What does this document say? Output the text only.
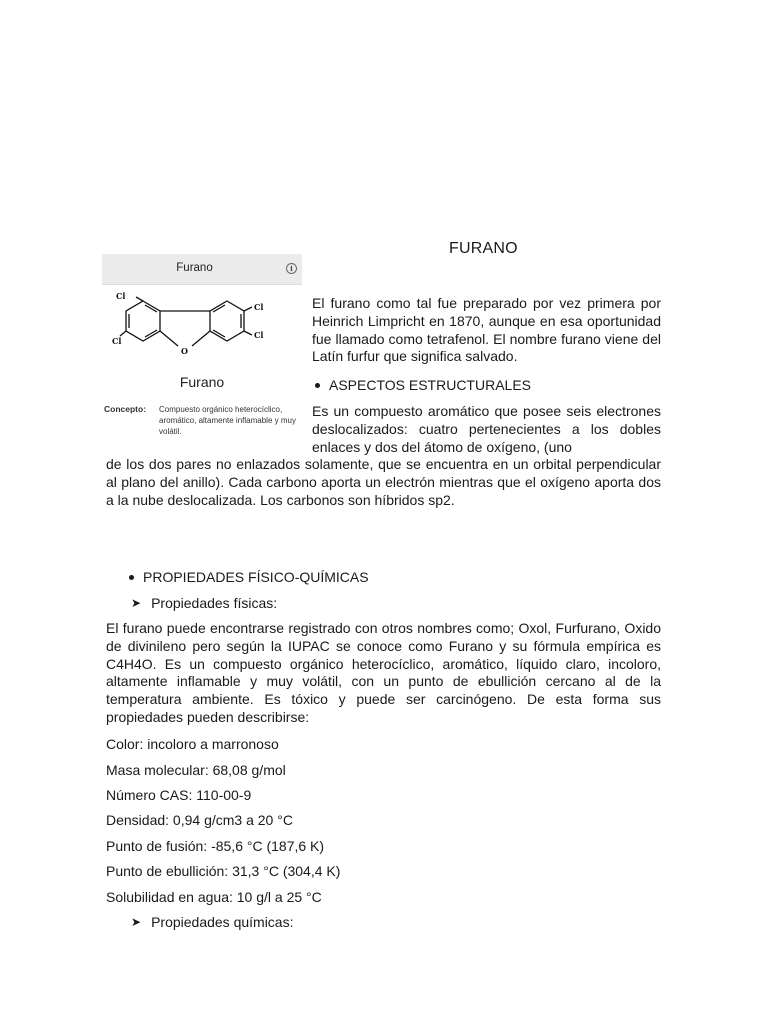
FURANO
Furano	i
Cl
Cl
Cl
Cl
O
Furano
Concepto: Compuesto orgánico heterocíclico, aromático, altamente inflamable y muy volátil.

El furano como tal fue preparado por vez primera por Heinrich Limpricht en 1870, aunque en esa oportunidad fue llamado como tetrafenol. El nombre furano viene del Latín furfur que significa salvado.

ASPECTOS ESTRUCTURALES

Es un compuesto aromático que posee seis electrones deslocalizados: cuatro pertenecientes a los dobles enlaces y dos del átomo de oxígeno, (uno

de los dos pares no enlazados solamente, que se encuentra en un orbital perpendicular al plano del anillo). Cada carbono aporta un electrón mientras que el oxígeno aporta dos a la nube deslocalizada. Los carbonos son híbridos sp2.

PROPIEDADES FÍSICO-QUÍMICAS
➤ Propiedades físicas:

El furano puede encontrarse registrado con otros nombres como; Oxol, Furfurano, Oxido de divinileno pero según la IUPAC se conoce como Furano y su fórmula empírica es C4H4O. Es un compuesto orgánico heterocíclico, aromático, líquido claro, incoloro, altamente inflamable y muy volátil, con un punto de ebullición cercano al de la temperatura ambiente. Es tóxico y puede ser carcinógeno. De esta forma sus propiedades pueden describirse:

Color: incoloro a marronoso

Masa molecular: 68,08 g/mol

Número CAS: 110-00-9

Densidad: 0,94 g/cm3 a 20 °C

Punto de fusión: -85,6 °C (187,6 K)

Punto de ebullición: 31,3 °C (304,4 K)

Solubilidad en agua: 10 g/l a 25 °C

➤ Propiedades químicas:
